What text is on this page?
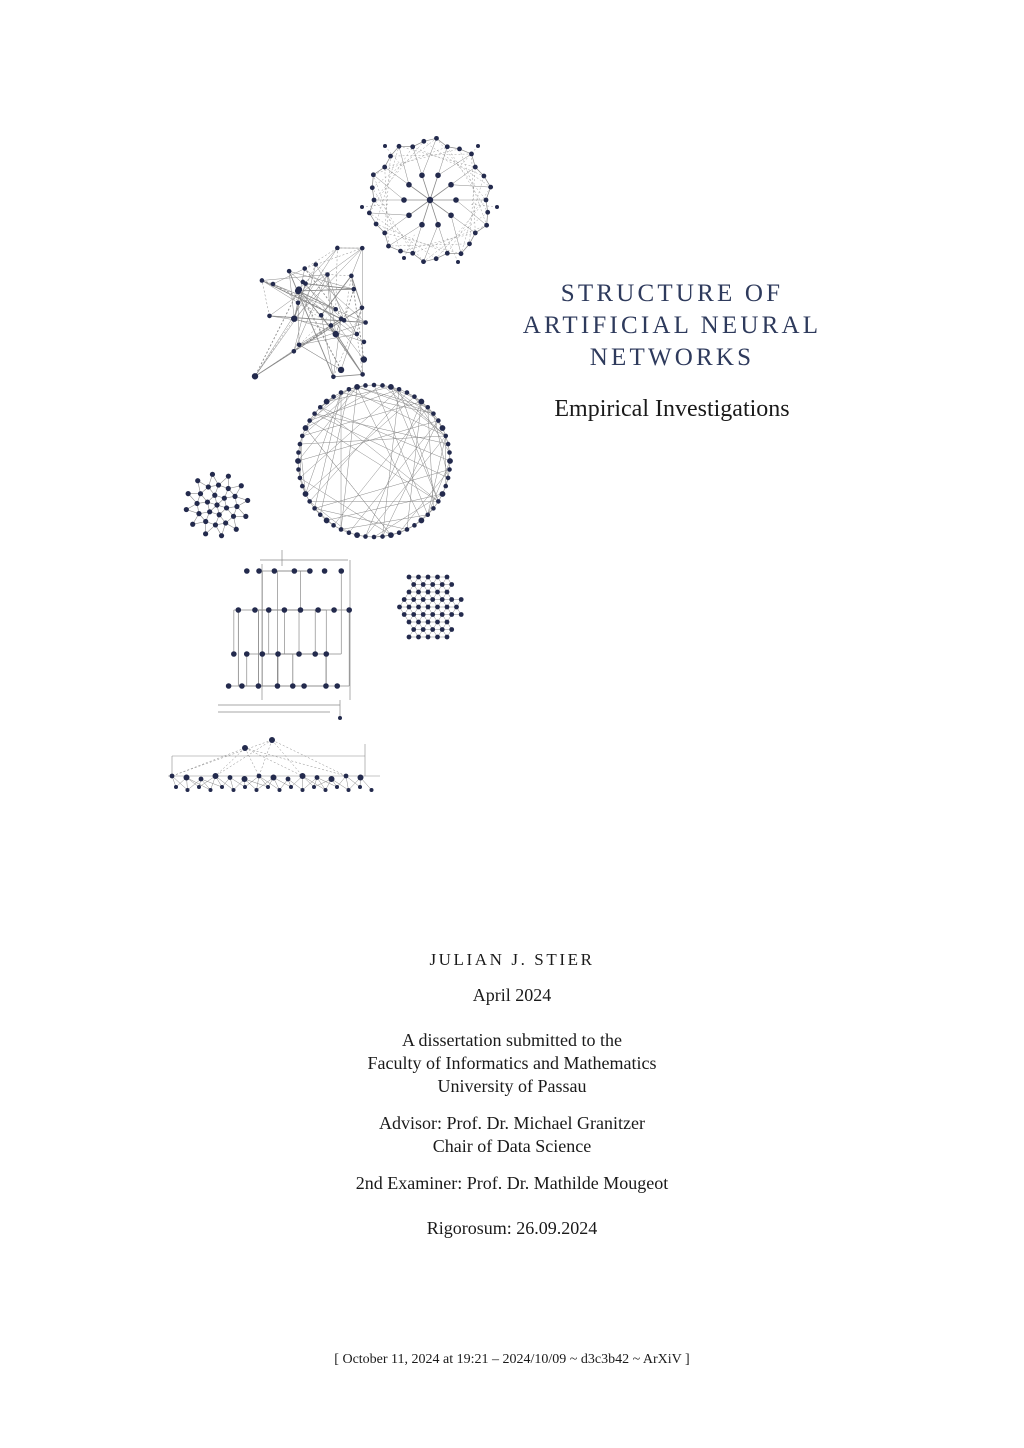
STRUCTURE OF
ARTIFICIAL NEURAL
NETWORKS
Empirical Investigations
JULIAN J. STIER
April 2024
A dissertation submitted to the
Faculty of Informatics and Mathematics
University of Passau
Advisor: Prof. Dr. Michael Granitzer
Chair of Data Science
2nd Examiner: Prof. Dr. Mathilde Mougeot
Rigorosum: 26.09.2024
[ October 11, 2024 at 19:21 – 2024/10/09 ~ d3c3b42 ~ ArXiV ]
